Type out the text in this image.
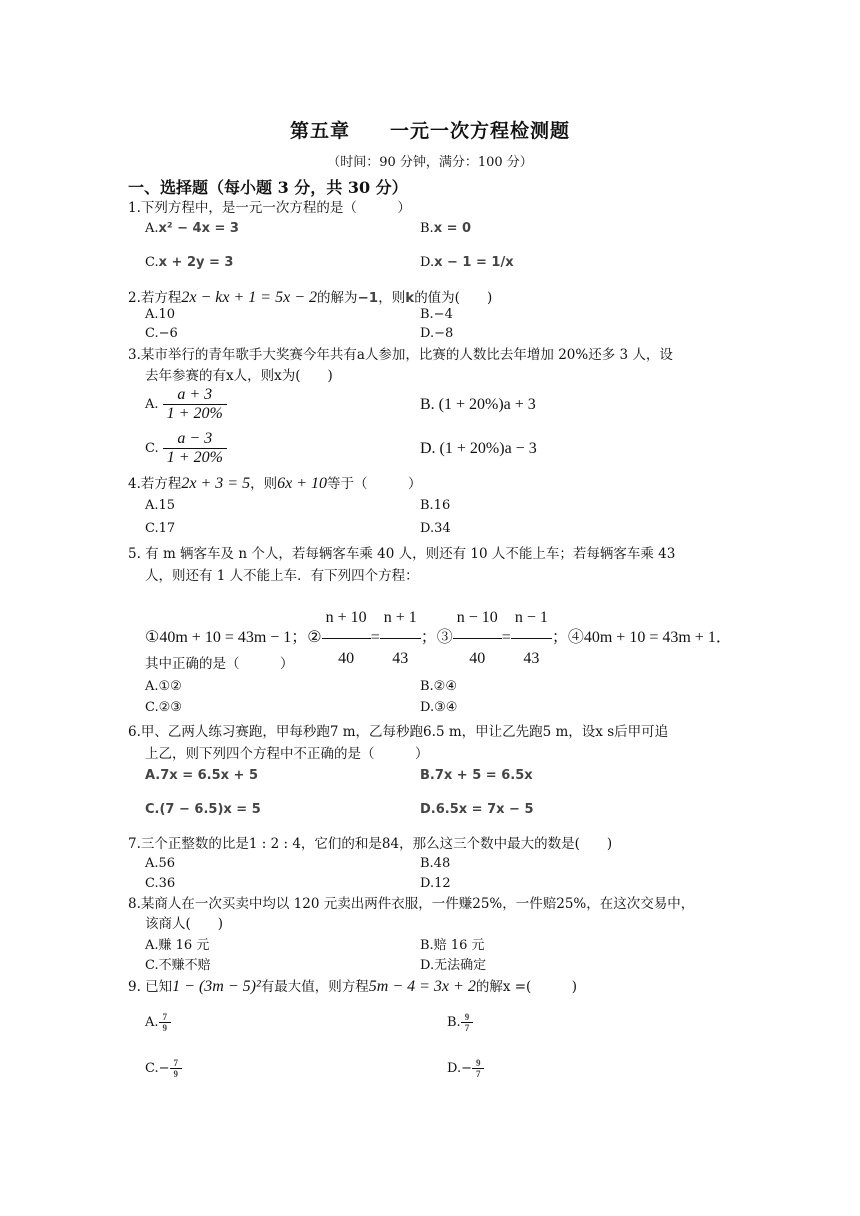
第五章　　一元一次方程检测题
（时间：90 分钟，满分：100 分）
一、选择题（每小题 3 分，共 30 分）
1.下列方程中，是一元一次方程的是（　　　）
A.x² − 4x = 3	B.x = 0
C.x + 2y = 3	D.x − 1 = 1/x
2.若方程2x − kx + 1 = 5x − 2的解为−1，则k的值为(　　)
A.10	B.−4
C.−6	D.−8
3.某市举行的青年歌手大奖赛今年共有a人参加，比赛的人数比去年增加 20%还多 3 人，设
去年参赛的有x人，则x为(　　)
A. $\frac{a + 3}{1 + 20\%}$	B. (1 + 20%)a + 3
C. $\frac{a - 3}{1 + 20\%}$	D. (1 + 20%)a − 3
4.若方程2x + 3 = 5，则6x + 10等于（　　　）
A.15	B.16
C.17	D.34
5. 有 m 辆客车及 n 个人，若每辆客车乘 40 人，则还有 10 人不能上车；若每辆客车乘 43
人，则还有 1 人不能上车．有下列四个方程：
①40m + 10 = 43m − 1；② $\frac{n + 10}{40} = \frac{n + 1}{43}$ ；③ $\frac{n - 10}{40} = \frac{n - 1}{43}$ ；④40m + 10 = 43m + 1．
其中正确的是（　　　）
A.①②	B.②④
C.②③	D.③④
6.甲、乙两人练习赛跑，甲每秒跑7 m，乙每秒跑6.5 m，甲让乙先跑5 m，设x s后甲可追
上乙，则下列四个方程中不正确的是（　　　）
A.7x = 6.5x + 5	B.7x + 5 = 6.5x
C.(7 − 6.5)x = 5	D.6.5x = 7x − 5
7.三个正整数的比是1 : 2 : 4，它们的和是84，那么这三个数中最大的数是(　　)
A.56	B.48
C.36	D.12
8.某商人在一次买卖中均以 120 元卖出两件衣服，一件赚25%，一件赔25%，在这次交易中，
该商人(　　)
A.赚 16 元	B.赔 16 元
C.不赚不赔	D.无法确定
9. 已知1 − (3m − 5)²有最大值，则方程5m − 4 = 3x + 2的解x =(　　　)
A. $\frac{7}{9}$	B. $\frac{9}{7}$
$C.- \frac{7}{9}$	$D.- \frac{9}{7}$
